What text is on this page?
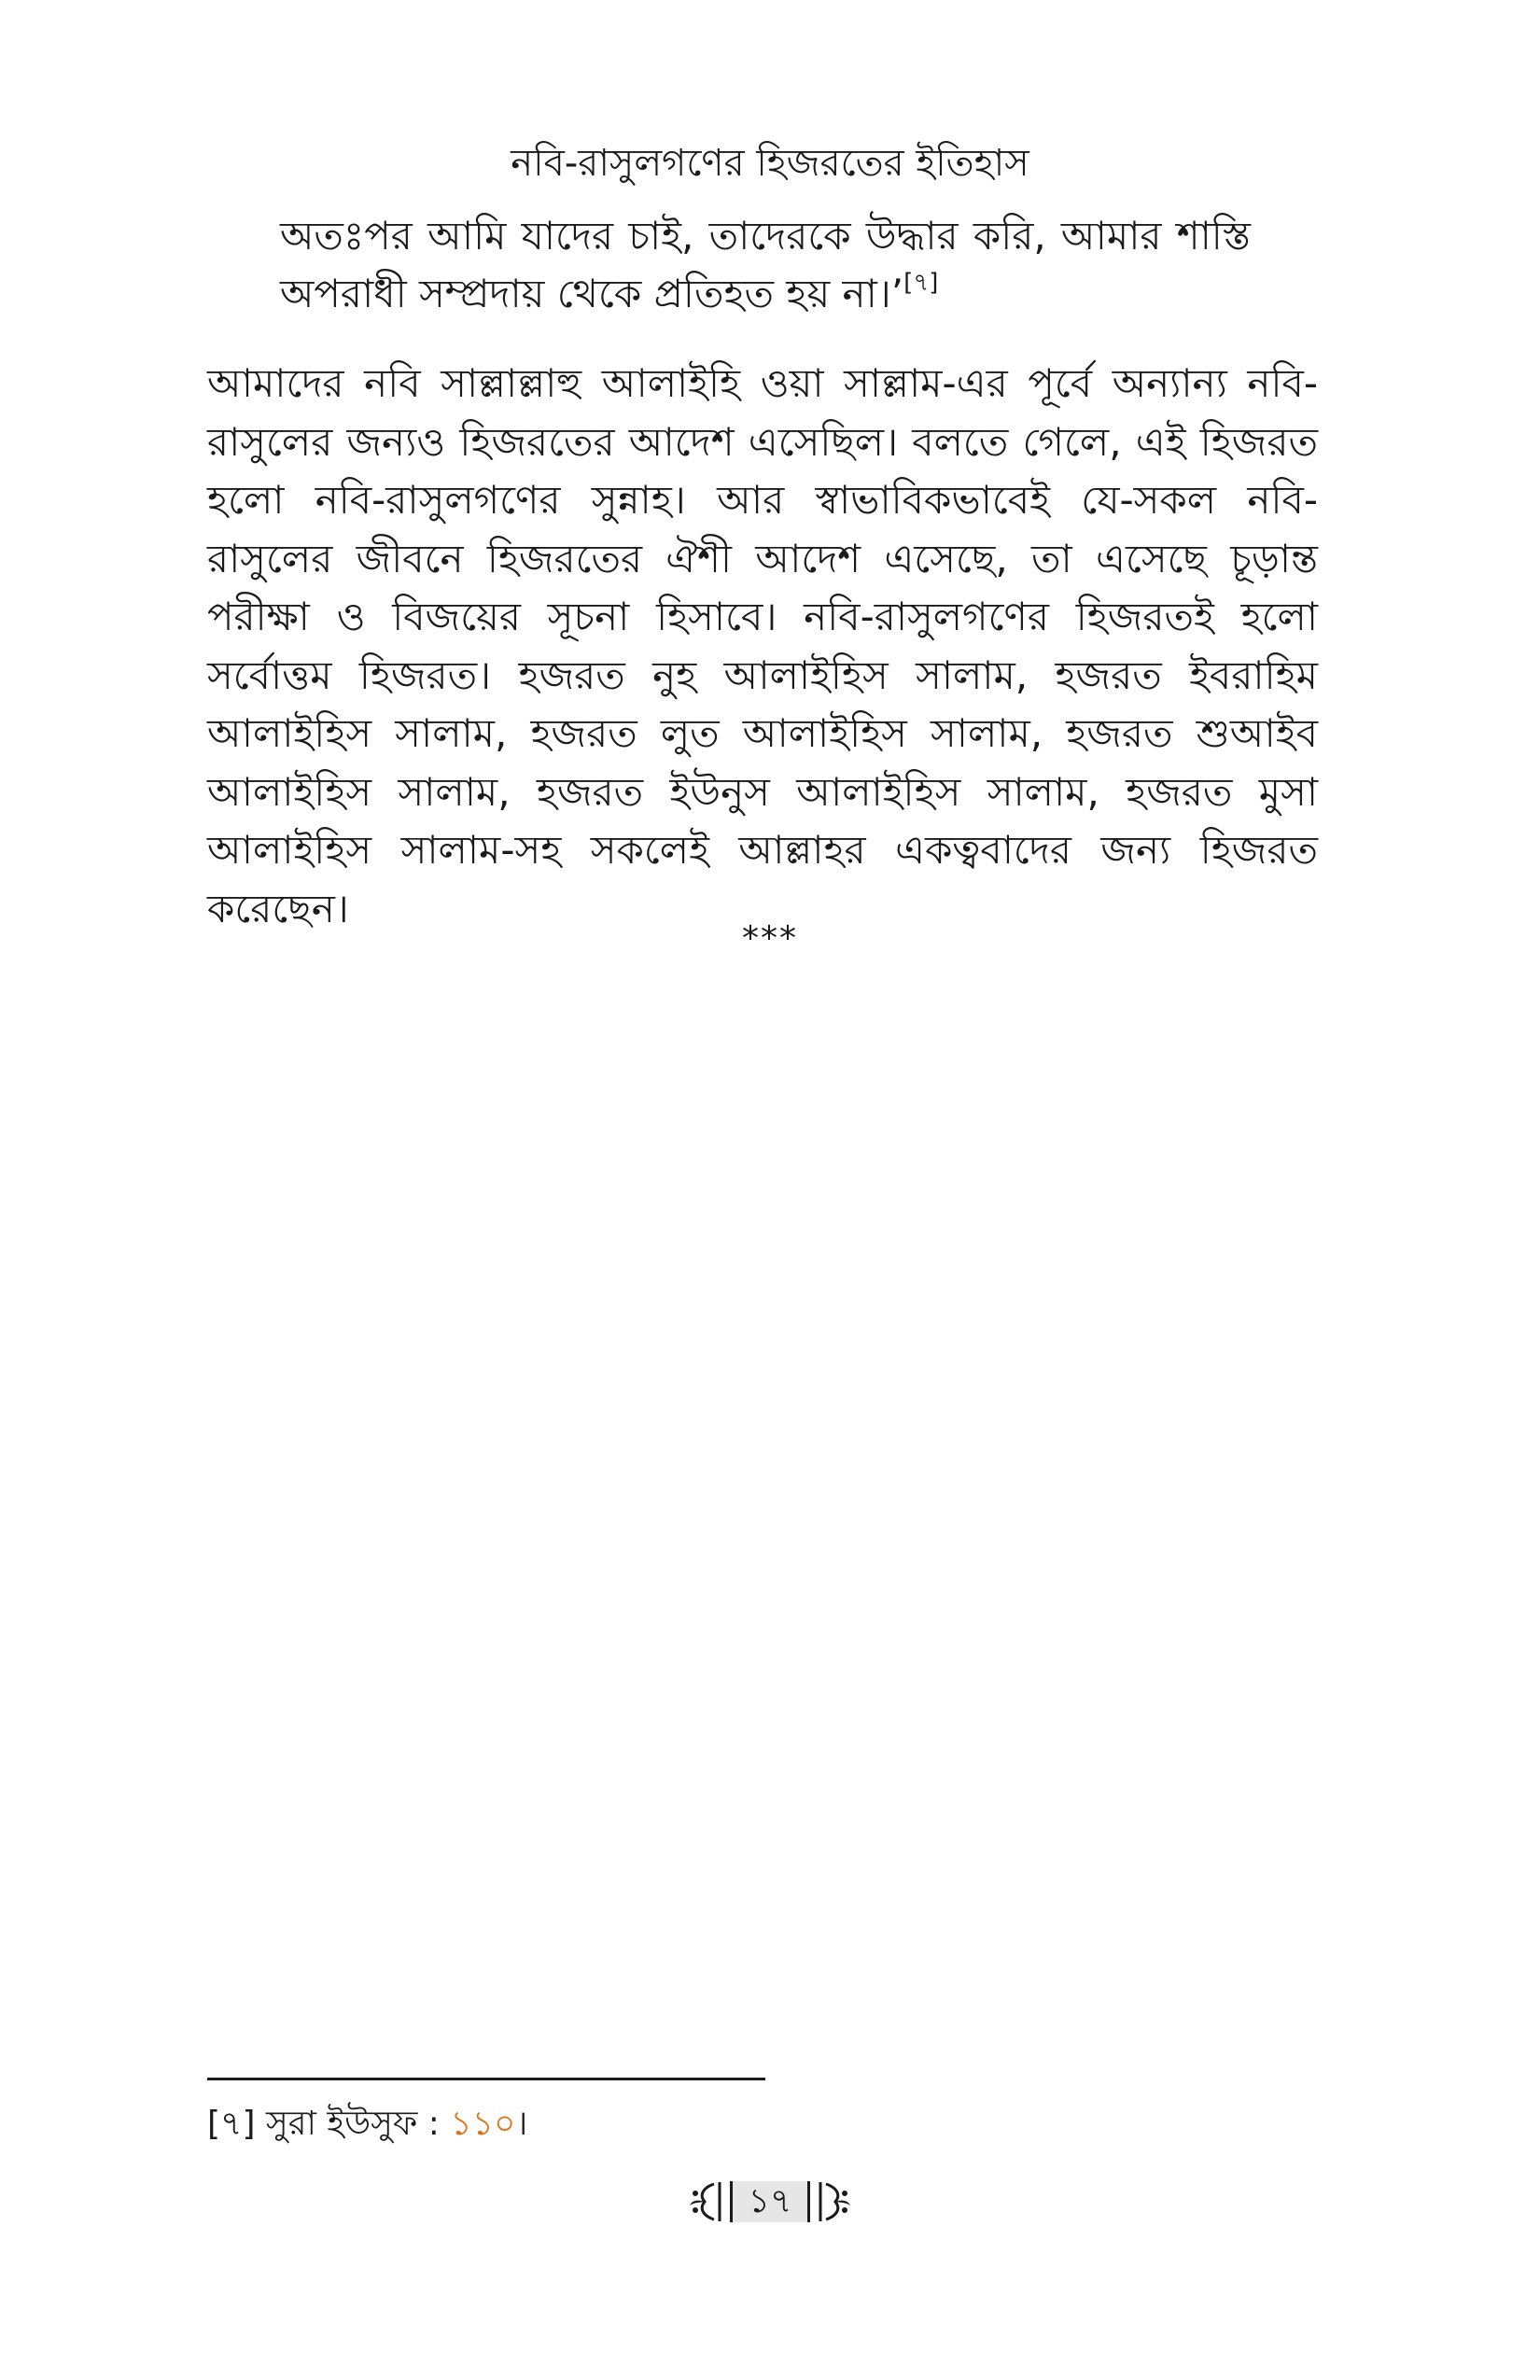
নবি-রাসুলগণের হিজরতের ইতিহাস
অতঃপর আমি যাদের চাই, তাদেরকে উদ্ধার করি, আমার শাস্তি অপরাধী সম্প্রদায় থেকে প্রতিহত হয় না।’[৭]
আমাদের নবি সাল্লাল্লাহু আলাইহি ওয়া সাল্লাম-এর পূর্বে অন্যান্য নবি-রাসুলের জন্যও হিজরতের আদেশ এসেছিল। বলতে গেলে, এই হিজরত হলো নবি-রাসুলগণের সুন্নাহ। আর স্বাভাবিকভাবেই যে-সকল নবি-রাসুলের জীবনে হিজরতের ঐশী আদেশ এসেছে, তা এসেছে চূড়ান্ত পরীক্ষা ও বিজয়ের সূচনা হিসাবে। নবি-রাসুলগণের হিজরতই হলো সর্বোত্তম হিজরত। হজরত নুহ আলাইহিস সালাম, হজরত ইবরাহিম আলাইহিস সালাম, হজরত লুত আলাইহিস সালাম, হজরত শুআইব আলাইহিস সালাম, হজরত ইউনুস আলাইহিস সালাম, হজরত মুসা আলাইহিস সালাম-সহ সকলেই আল্লাহর একত্ববাদের জন্য হিজরত করেছেন।
***
[৭] সুরা ইউসুফ : ১১০।
১৭
